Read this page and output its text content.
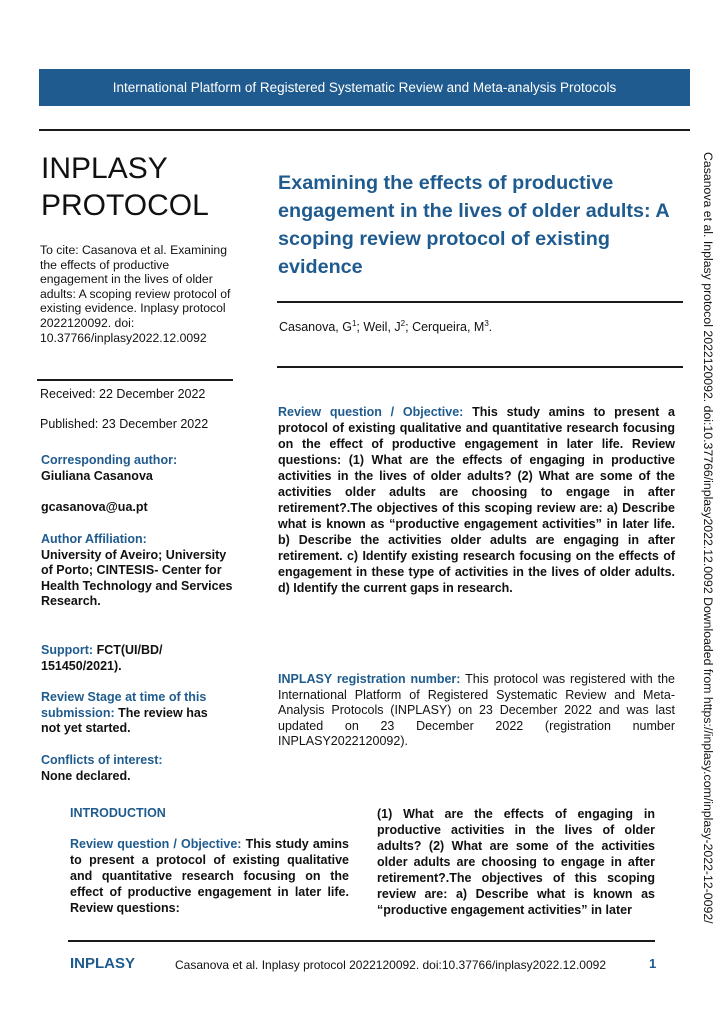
International Platform of Registered Systematic Review and Meta-analysis Protocols
INPLASY
PROTOCOL
To cite: Casanova et al. Examining the effects of productive engagement in the lives of older adults: A scoping review protocol of existing evidence. Inplasy protocol 2022120092. doi: 10.37766/inplasy2022.12.0092
Received: 22 December 2022
Published: 23 December 2022
Corresponding author:
Giuliana Casanova
gcasanova@ua.pt
Author Affiliation:
University of Aveiro; University of Porto; CINTESIS- Center for Health Technology and Services Research.
Support: FCT(UI/BD/ 151450/2021).
Review Stage at time of this submission: The review has not yet started.
Conflicts of interest:
None declared.
Examining the effects of productive engagement in the lives of older adults: A scoping review protocol of existing evidence
Casanova, $G^1$; Weil, $J^2$; Cerqueira, $M^3$.

Review question / Objective: This study amins to present a protocol of existing qualitative and quantitative research focusing on the effect of productive engagement in later life. Review questions: (1) What are the effects of engaging in productive activities in the lives of older adults? (2) What are some of the activities older adults are choosing to engage in after retirement?.The objectives of this scoping review are: a) Describe what is known as “productive engagement activities” in later life. b) Describe the activities older adults are engaging in after retirement. c) Identify existing research focusing on the effects of engagement in these type of activities in the lives of older adults. d) Identify the current gaps in research.

INPLASY registration number: This protocol was registered with the International Platform of Registered Systematic Review and Meta-Analysis Protocols (INPLASY) on 23 December 2022 and was last updated on 23 December 2022 (registration number INPLASY2022120092).

INTRODUCTION

Review question / Objective: This study amins to present a protocol of existing qualitative and quantitative research focusing on the effect of productive engagement in later life. Review questions:

(1) What are the effects of engaging in productive activities in the lives of older adults? (2) What are some of the activities older adults are choosing to engage in after retirement?.The objectives of this scoping review are: a) Describe what is known as “productive engagement activities” in later	Casanova et al. Inplasy protocol 2022120092. doi:10.37766/inplasy2022.12.0092 Downloaded from https://inplasy.com/inplasy-2022-12-0092/
INPLASY	Casanova et al. Inplasy protocol 2022120092. doi:10.37766/inplasy2022.12.0092	1
